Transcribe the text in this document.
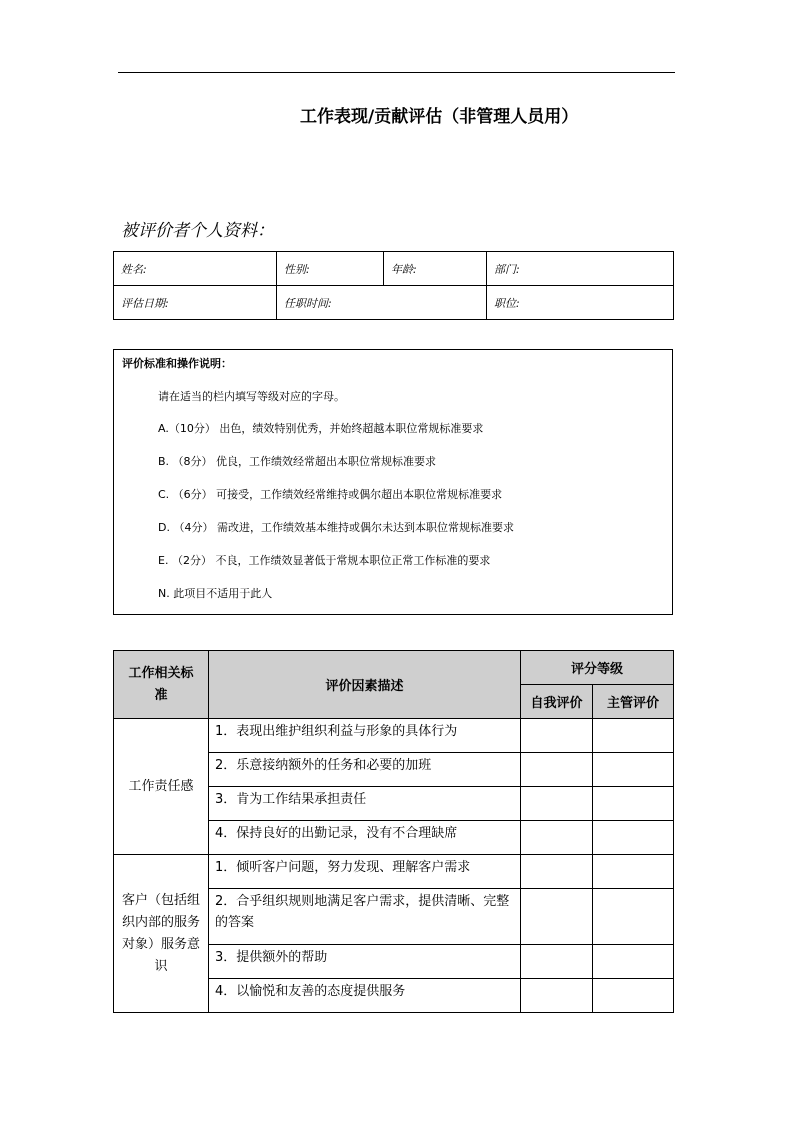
工作表现/贡献评估（非管理人员用）
被评价者个人资料：
姓名:	性别:	年龄:	部门:
评估日期:	任职时间:		职位:
评价标准和操作说明：
请在适当的栏内填写等级对应的字母。
A.（10分） 出色，绩效特别优秀，并始终超越本职位常规标准要求
B. （8分） 优良，工作绩效经常超出本职位常规标准要求
C. （6分） 可接受，工作绩效经常维持或偶尔超出本职位常规标准要求
D. （4分） 需改进，工作绩效基本维持或偶尔未达到本职位常规标准要求
E. （2分） 不良，工作绩效显著低于常规本职位正常工作标准的要求
N. 此项目不适用于此人
工作相关标准	评价因素描述	评分等级	
		自我评价	主管评价
工作责任感	1．表现出维护组织利益与形象的具体行为		
	2．乐意接纳额外的任务和必要的加班		
	3．肯为工作结果承担责任		
	4．保持良好的出勤记录，没有不合理缺席		
客户（包括组织内部的服务对象）服务意识	1．倾听客户问题，努力发现、理解客户需求		
	2．合乎组织规则地满足客户需求，提供清晰、完整的答案		
	3．提供额外的帮助		
	4．以愉悦和友善的态度提供服务		
